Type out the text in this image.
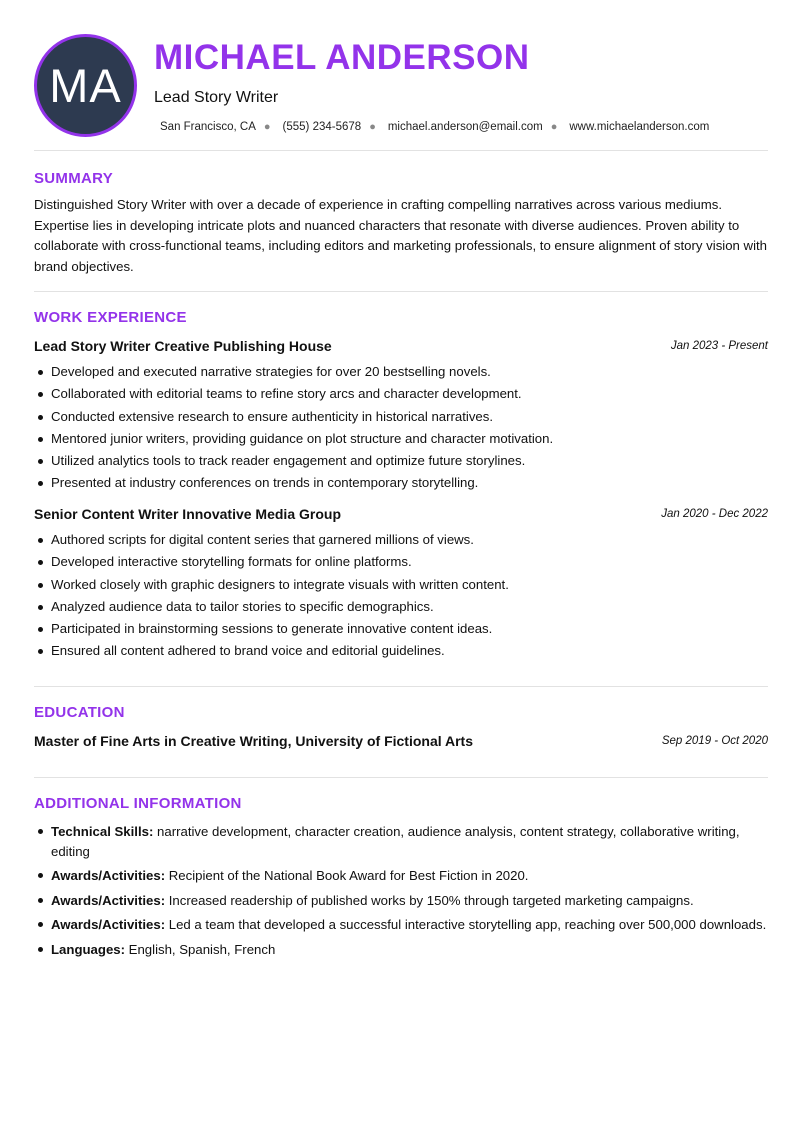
MA
MICHAEL ANDERSON
Lead Story Writer
San Francisco, CA ● (555) 234-5678 ● michael.anderson@email.com ● www.michaelanderson.com
SUMMARY
Distinguished Story Writer with over a decade of experience in crafting compelling narratives across various mediums. Expertise lies in developing intricate plots and nuanced characters that resonate with diverse audiences. Proven ability to collaborate with cross-functional teams, including editors and marketing professionals, to ensure alignment of story vision with brand objectives.
WORK EXPERIENCE
Lead Story Writer Creative Publishing House	Jan 2023 - Present
Developed and executed narrative strategies for over 20 bestselling novels.
Collaborated with editorial teams to refine story arcs and character development.
Conducted extensive research to ensure authenticity in historical narratives.
Mentored junior writers, providing guidance on plot structure and character motivation.
Utilized analytics tools to track reader engagement and optimize future storylines.
Presented at industry conferences on trends in contemporary storytelling.
Senior Content Writer Innovative Media Group	Jan 2020 - Dec 2022
Authored scripts for digital content series that garnered millions of views.
Developed interactive storytelling formats for online platforms.
Worked closely with graphic designers to integrate visuals with written content.
Analyzed audience data to tailor stories to specific demographics.
Participated in brainstorming sessions to generate innovative content ideas.
Ensured all content adhered to brand voice and editorial guidelines.
EDUCATION
Master of Fine Arts in Creative Writing, University of Fictional Arts	Sep 2019 - Oct 2020
ADDITIONAL INFORMATION
Technical Skills: narrative development, character creation, audience analysis, content strategy, collaborative writing, editing
Awards/Activities: Recipient of the National Book Award for Best Fiction in 2020.
Awards/Activities: Increased readership of published works by 150% through targeted marketing campaigns.
Awards/Activities: Led a team that developed a successful interactive storytelling app, reaching over 500,000 downloads.
Languages: English, Spanish, French
